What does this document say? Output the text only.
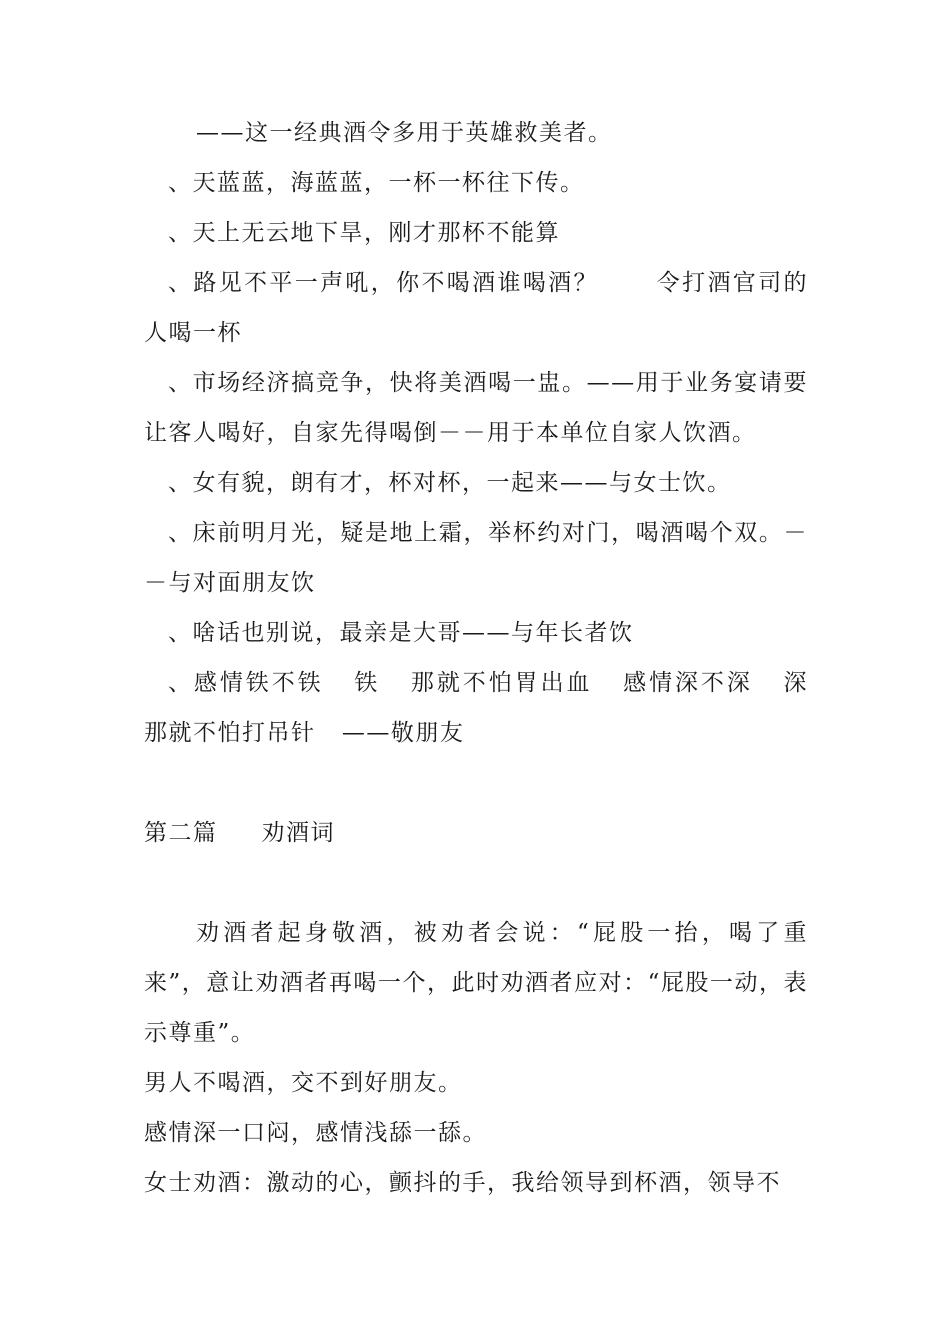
——这一经典酒令多用于英雄救美者。

、天蓝蓝，海蓝蓝，一杯一杯往下传。

、天上无云地下旱，刚才那杯不能算

、路见不平一声吼，你不喝酒谁喝酒？      令打酒官司的人喝一杯

、市场经济搞竞争，快将美酒喝一盅。——用于业务宴请要让客人喝好，自家先得喝倒－－用于本单位自家人饮酒。

、女有貌，朗有才，杯对杯，一起来——与女士饮。

、床前明月光，疑是地上霜，举杯约对门，喝酒喝个双。－－与对面朋友饮

、啥话也别说，最亲是大哥——与年长者饮

、感情铁不铁   铁   那就不怕胃出血   感情深不深   深   那就不怕打吊针   ——敬朋友

第二篇     劝酒词

劝酒者起身敬酒，被劝者会说：“屁股一抬，喝了重来”，意让劝酒者再喝一个，此时劝酒者应对：“屁股一动，表示尊重”。

男人不喝酒，交不到好朋友。

感情深一口闷，感情浅舔一舔。

女士劝酒：激动的心，颤抖的手，我给领导到杯酒，领导不
